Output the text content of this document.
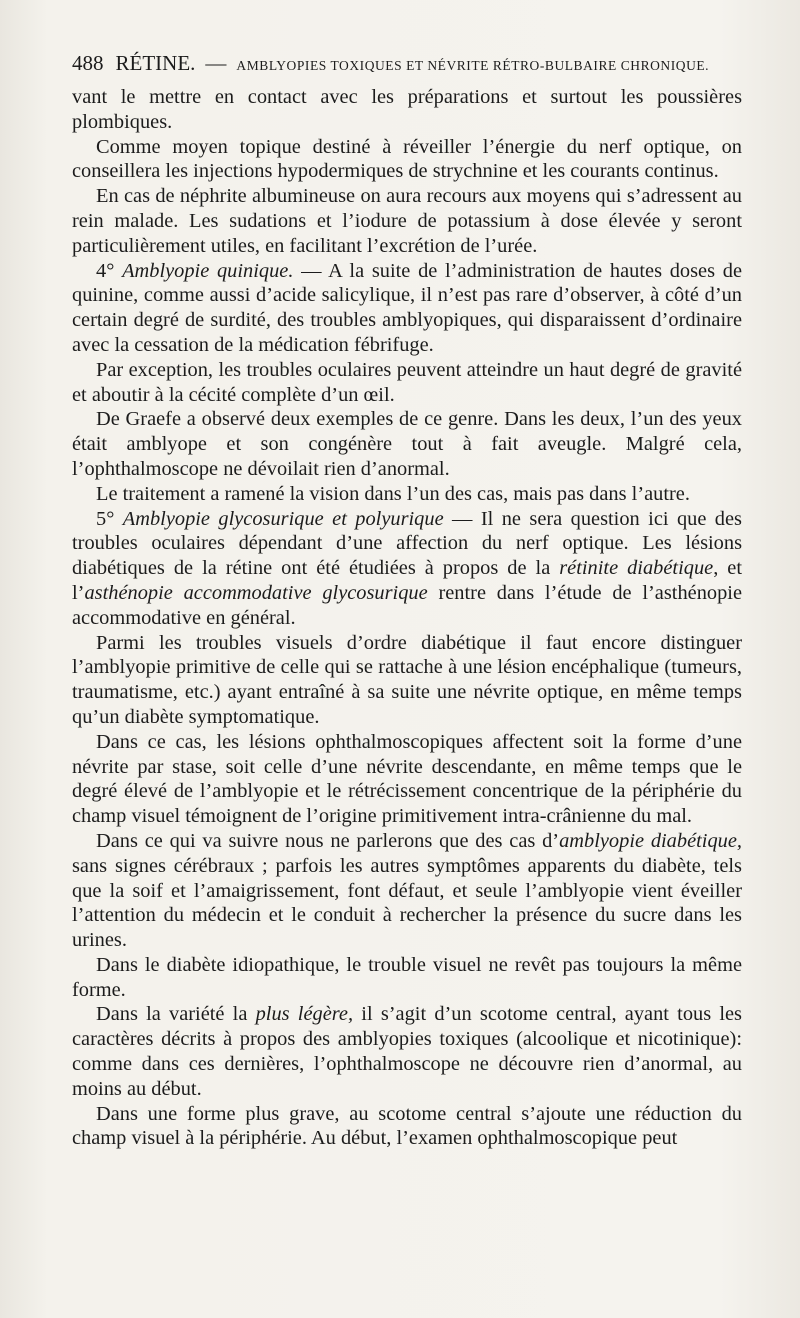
488 RÉTINE. — AMBLYOPIES TOXIQUES ET NÉVRITE RÉTRO-BULBAIRE CHRONIQUE.

vant le mettre en contact avec les préparations et surtout les poussières plombiques.

Comme moyen topique destiné à réveiller l’énergie du nerf optique, on conseillera les injections hypodermiques de strychnine et les courants continus.

En cas de néphrite albumineuse on aura recours aux moyens qui s’adressent au rein malade. Les sudations et l’iodure de potassium à dose élevée y seront particulièrement utiles, en facilitant l’excrétion de l’urée.

4° Amblyopie quinique. — A la suite de l’administration de hautes doses de quinine, comme aussi d’acide salicylique, il n’est pas rare d’observer, à côté d’un certain degré de surdité, des troubles amblyopiques, qui disparaissent d’ordinaire avec la cessation de la médication fébrifuge.

Par exception, les troubles oculaires peuvent atteindre un haut degré de gravité et aboutir à la cécité complète d’un œil.

De Graefe a observé deux exemples de ce genre. Dans les deux, l’un des yeux était amblyope et son congénère tout à fait aveugle. Malgré cela, l’ophthalmoscope ne dévoilait rien d’anormal.

Le traitement a ramené la vision dans l’un des cas, mais pas dans l’autre.

5° Amblyopie glycosurique et polyurique — Il ne sera question ici que des troubles oculaires dépendant d’une affection du nerf optique. Les lésions diabétiques de la rétine ont été étudiées à propos de la rétinite diabétique, et l’asthénopie accommodative glycosurique rentre dans l’étude de l’asthénopie accommodative en général.

Parmi les troubles visuels d’ordre diabétique il faut encore distinguer l’amblyopie primitive de celle qui se rattache à une lésion encéphalique (tumeurs, traumatisme, etc.) ayant entraîné à sa suite une névrite optique, en même temps qu’un diabète symptomatique.

Dans ce cas, les lésions ophthalmoscopiques affectent soit la forme d’une névrite par stase, soit celle d’une névrite descendante, en même temps que le degré élevé de l’amblyopie et le rétrécissement concentrique de la périphérie du champ visuel témoignent de l’origine primitivement intra-crânienne du mal.

Dans ce qui va suivre nous ne parlerons que des cas d’amblyopie diabétique, sans signes cérébraux ; parfois les autres symptômes apparents du diabète, tels que la soif et l’amaigrissement, font défaut, et seule l’amblyopie vient éveiller l’attention du médecin et le conduit à rechercher la présence du sucre dans les urines.

Dans le diabète idiopathique, le trouble visuel ne revêt pas toujours la même forme.

Dans la variété la plus légère, il s’agit d’un scotome central, ayant tous les caractères décrits à propos des amblyopies toxiques (alcoolique et nicotinique): comme dans ces dernières, l’ophthalmoscope ne découvre rien d’anormal, au moins au début.

Dans une forme plus grave, au scotome central s’ajoute une réduction du champ visuel à la périphérie. Au début, l’examen ophthalmoscopique peut
